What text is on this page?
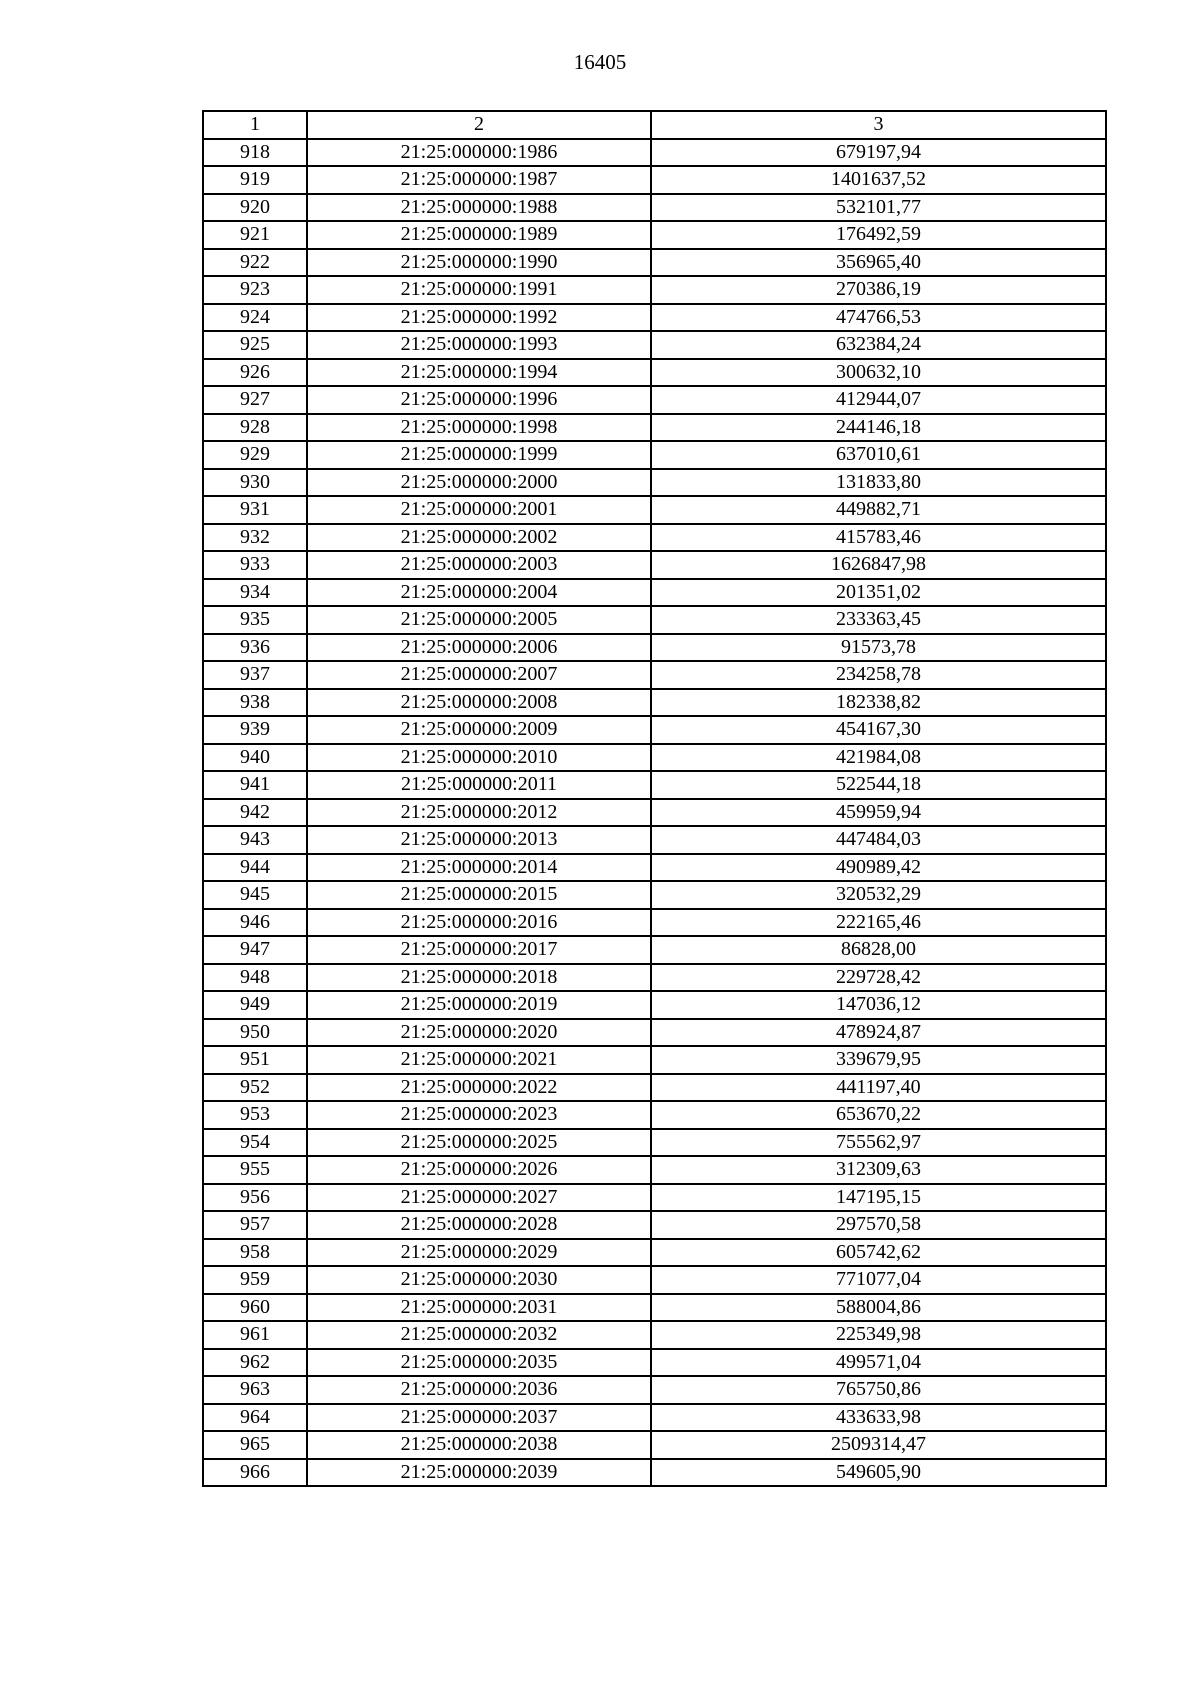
16405
1	2	3
918	21:25:000000:1986	679197,94
919	21:25:000000:1987	1401637,52
920	21:25:000000:1988	532101,77
921	21:25:000000:1989	176492,59
922	21:25:000000:1990	356965,40
923	21:25:000000:1991	270386,19
924	21:25:000000:1992	474766,53
925	21:25:000000:1993	632384,24
926	21:25:000000:1994	300632,10
927	21:25:000000:1996	412944,07
928	21:25:000000:1998	244146,18
929	21:25:000000:1999	637010,61
930	21:25:000000:2000	131833,80
931	21:25:000000:2001	449882,71
932	21:25:000000:2002	415783,46
933	21:25:000000:2003	1626847,98
934	21:25:000000:2004	201351,02
935	21:25:000000:2005	233363,45
936	21:25:000000:2006	91573,78
937	21:25:000000:2007	234258,78
938	21:25:000000:2008	182338,82
939	21:25:000000:2009	454167,30
940	21:25:000000:2010	421984,08
941	21:25:000000:2011	522544,18
942	21:25:000000:2012	459959,94
943	21:25:000000:2013	447484,03
944	21:25:000000:2014	490989,42
945	21:25:000000:2015	320532,29
946	21:25:000000:2016	222165,46
947	21:25:000000:2017	86828,00
948	21:25:000000:2018	229728,42
949	21:25:000000:2019	147036,12
950	21:25:000000:2020	478924,87
951	21:25:000000:2021	339679,95
952	21:25:000000:2022	441197,40
953	21:25:000000:2023	653670,22
954	21:25:000000:2025	755562,97
955	21:25:000000:2026	312309,63
956	21:25:000000:2027	147195,15
957	21:25:000000:2028	297570,58
958	21:25:000000:2029	605742,62
959	21:25:000000:2030	771077,04
960	21:25:000000:2031	588004,86
961	21:25:000000:2032	225349,98
962	21:25:000000:2035	499571,04
963	21:25:000000:2036	765750,86
964	21:25:000000:2037	433633,98
965	21:25:000000:2038	2509314,47
966	21:25:000000:2039	549605,90
